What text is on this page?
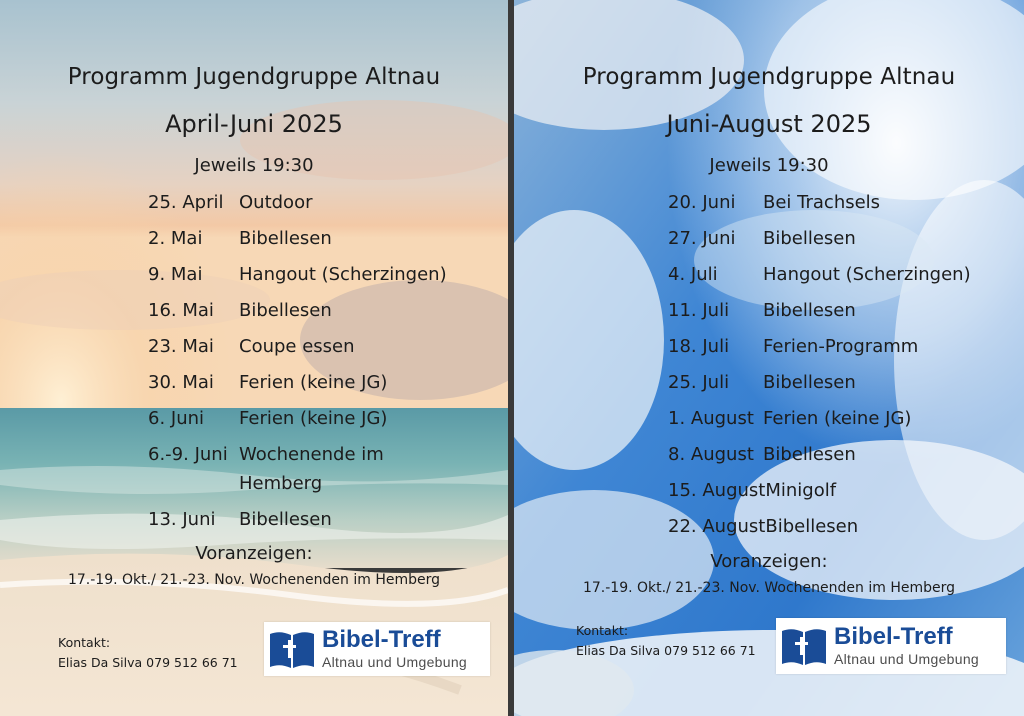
Programm Jugendgruppe Altnau
April-Juni 2025
Jeweils 19:30
25. April Outdoor
2. Mai	Bibellesen
9. Mai	Hangout (Scherzingen)
16. Mai	Bibellesen
23. Mai	Coupe essen
30. Mai	Ferien (keine JG)
6. Juni	Ferien (keine JG)
6.-9. Juni Wochenende im Hemberg
13. Juni	Bibellesen
Voranzeigen:
17.-19. Okt./ 21.-23. Nov. Wochenenden im Hemberg
Kontakt:
Elias Da Silva 079 512 66 71
Bibel-Treff
Altnau und Umgebung
Programm Jugendgruppe Altnau
Juni-August 2025
Jeweils 19:30
20. Juni	Bei Trachsels
27. Juni	Bibellesen
4. Juli	Hangout (Scherzingen)
11. Juli	Bibellesen
18. Juli	Ferien-Programm
25. Juli	Bibellesen
1. August Ferien (keine JG)
8. August Bibellesen
15. August Minigolf
22. August Bibellesen
Voranzeigen:
17.-19. Okt./ 21.-23. Nov. Wochenenden im Hemberg
Kontakt:
Elias Da Silva 079 512 66 71
Bibel-Treff
Altnau und Umgebung
